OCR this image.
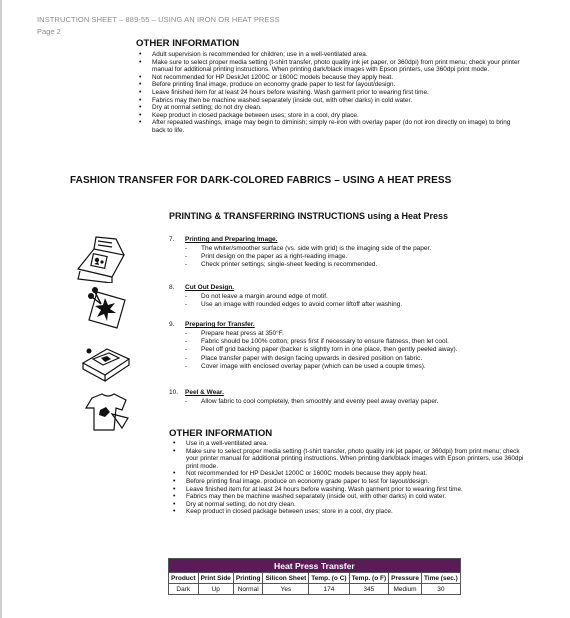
INSTRUCTION SHEET – 889-55 – USING AN IRON OR HEAT PRESS
Page 2
OTHER INFORMATION
• Adult supervision is recommended for children; use in a well-ventilated area.
• Make sure to select proper media setting (t-shirt transfer, photo quality ink jet paper, or 360dpi) from print menu; check your printer manual for additional printing instructions. When printing dark/black images with Epson printers, use 360dpi print mode.
• Not recommended for HP DeskJet 1200C or 1600C models because they apply heat.
• Before printing final image, produce on economy grade paper to test for layout/design.
• Leave finished item for at least 24 hours before washing. Wash garment prior to wearing first time.
• Fabrics may then be machine washed separately (inside out, with other darks) in cold water.
• Dry at normal setting; do not dry clean.
• Keep product in closed package between uses; store in a cool, dry place.
• After repeated washings, image may begin to diminish; simply re-iron with overlay paper (do not iron directly on image) to bring back to life.
FASHION TRANSFER FOR DARK-COLORED FABRICS – USING A HEAT PRESS
PRINTING & TRANSFERRING INSTRUCTIONS using a Heat Press
7.	Printing and Preparing Image.
- The whiter/smoother surface (vs. side with grid) is the imaging side of the paper.
- Print design on the paper as a right-reading image.
- Check printer settings; single-sheet feeding is recommended.
8.	Cut Out Design.
- Do not leave a margin around edge of motif.
- Use an image with rounded edges to avoid corner liftoff after washing.
9.	Preparing for Transfer.
- Prepare heat press at 350°F.
- Fabric should be 100% cotton; press first if necessary to ensure flatness, then let cool.
- Peel off grid backing paper (backer is slightly torn in one place, then gently peeled away).
- Place transfer paper with design facing upwards in desired position on fabric.
- Cover image with enclosed overlay paper (which can be used a couple times).
10.	Peel & Wear.
- Allow fabric to cool completely, then smoothly and evenly peel away overlay paper.
OTHER INFORMATION
• Use in a well-ventilated area.
• Make sure to select proper media setting (t-shirt transfer, photo quality ink jet paper, or 360dpi) from print menu; check your printer manual for additional printing instructions. When printing dark/black images with Epson printers, use 360dpi print mode.
• Not recommended for HP DeskJet 1200C or 1600C models because they apply heat.
• Before printing final image, produce on economy grade paper to test for layout/design.
• Leave finished item for at least 24 hours before washing. Wash garment prior to wearing first time.
• Fabrics may then be machine washed separately (inside out, with other darks) in cold water.
• Dry at normal setting; do not dry clean.
• Keep product in closed package between uses; store in a cool, dry place.
Heat Press Transfer							
Product	Print Side	Printing	Silicon Sheet	Temp. (o C)	Temp. (o F)	Pressure	Time (sec.)
Dark	Up	Normal	Yes	174	345	Medium	30
